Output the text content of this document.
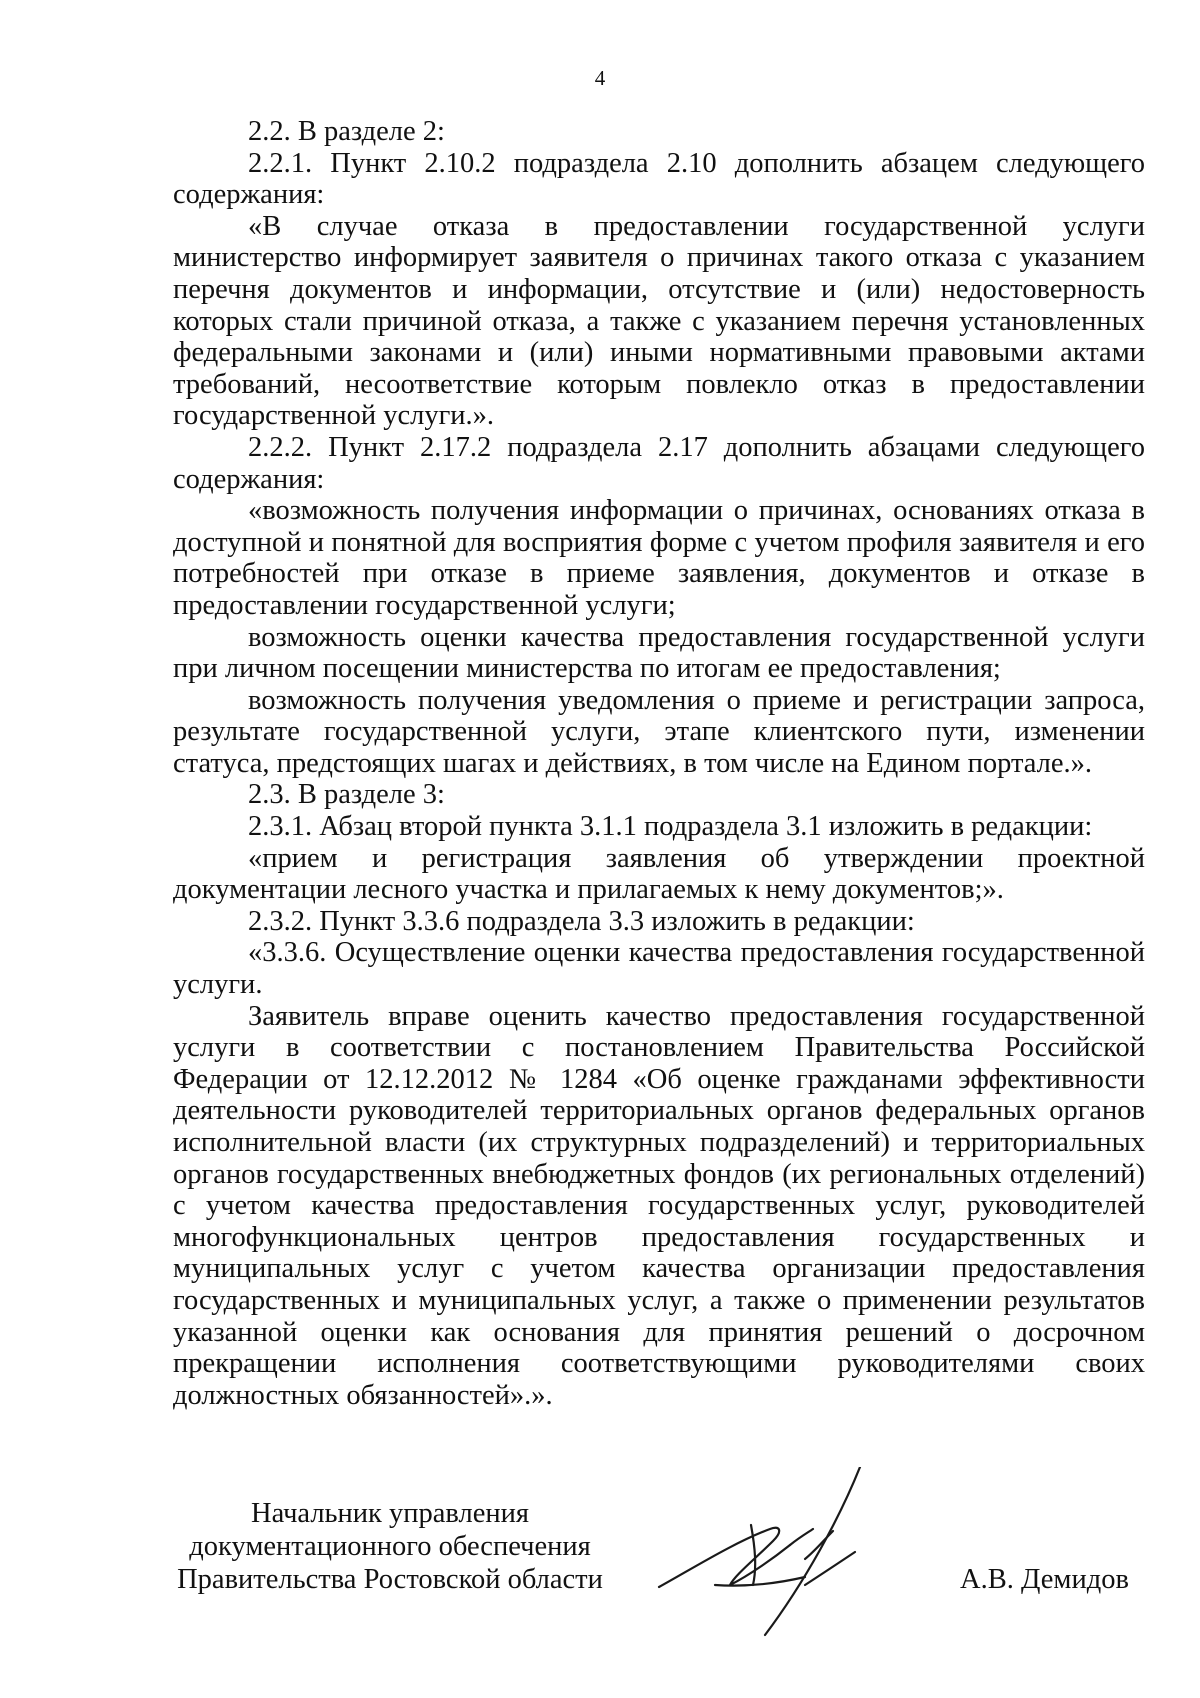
4

2.2. В разделе 2:

2.2.1. Пункт 2.10.2 подраздела 2.10 дополнить абзацем следующего содержания:

«В случае отказа в предоставлении государственной услуги министерство информирует заявителя о причинах такого отказа с указанием перечня документов и информации, отсутствие и (или) недостоверность которых стали причиной отказа, а также с указанием перечня установленных федеральными законами и (или) иными нормативными правовыми актами требований, несоответствие которым повлекло отказ в предоставлении государственной услуги.».

2.2.2. Пункт 2.17.2 подраздела 2.17 дополнить абзацами следующего содержания:

«возможность получения информации о причинах, основаниях отказа в доступной и понятной для восприятия форме с учетом профиля заявителя и его потребностей при отказе в приеме заявления, документов и отказе в предоставлении государственной услуги;

возможность оценки качества предоставления государственной услуги при личном посещении министерства по итогам ее предоставления;

возможность получения уведомления о приеме и регистрации запроса, результате государственной услуги, этапе клиентского пути, изменении статуса, предстоящих шагах и действиях, в том числе на Едином портале.».

2.3. В разделе 3:

2.3.1. Абзац второй пункта 3.1.1 подраздела 3.1 изложить в редакции:

«прием и регистрация заявления об утверждении проектной документации лесного участка и прилагаемых к нему документов;».

2.3.2. Пункт 3.3.6 подраздела 3.3 изложить в редакции:

«3.3.6. Осуществление оценки качества предоставления государственной услуги.

Заявитель вправе оценить качество предоставления государственной услуги в соответствии с постановлением Правительства Российской Федерации от 12.12.2012 № 1284 «Об оценке гражданами эффективности деятельности руководителей территориальных органов федеральных органов исполнительной власти (их структурных подразделений) и территориальных органов государственных внебюджетных фондов (их региональных отделений) с учетом качества предоставления государственных услуг, руководителей многофункциональных центров предоставления государственных и муниципальных услуг с учетом качества организации предоставления государственных и муниципальных услуг, а также о применении результатов указанной оценки как основания для принятия решений о досрочном прекращении исполнения соответствующими руководителями своих должностных обязанностей».».

Начальник управления
документационного обеспечения
Правительства Ростовской области	А.В. Демидов
